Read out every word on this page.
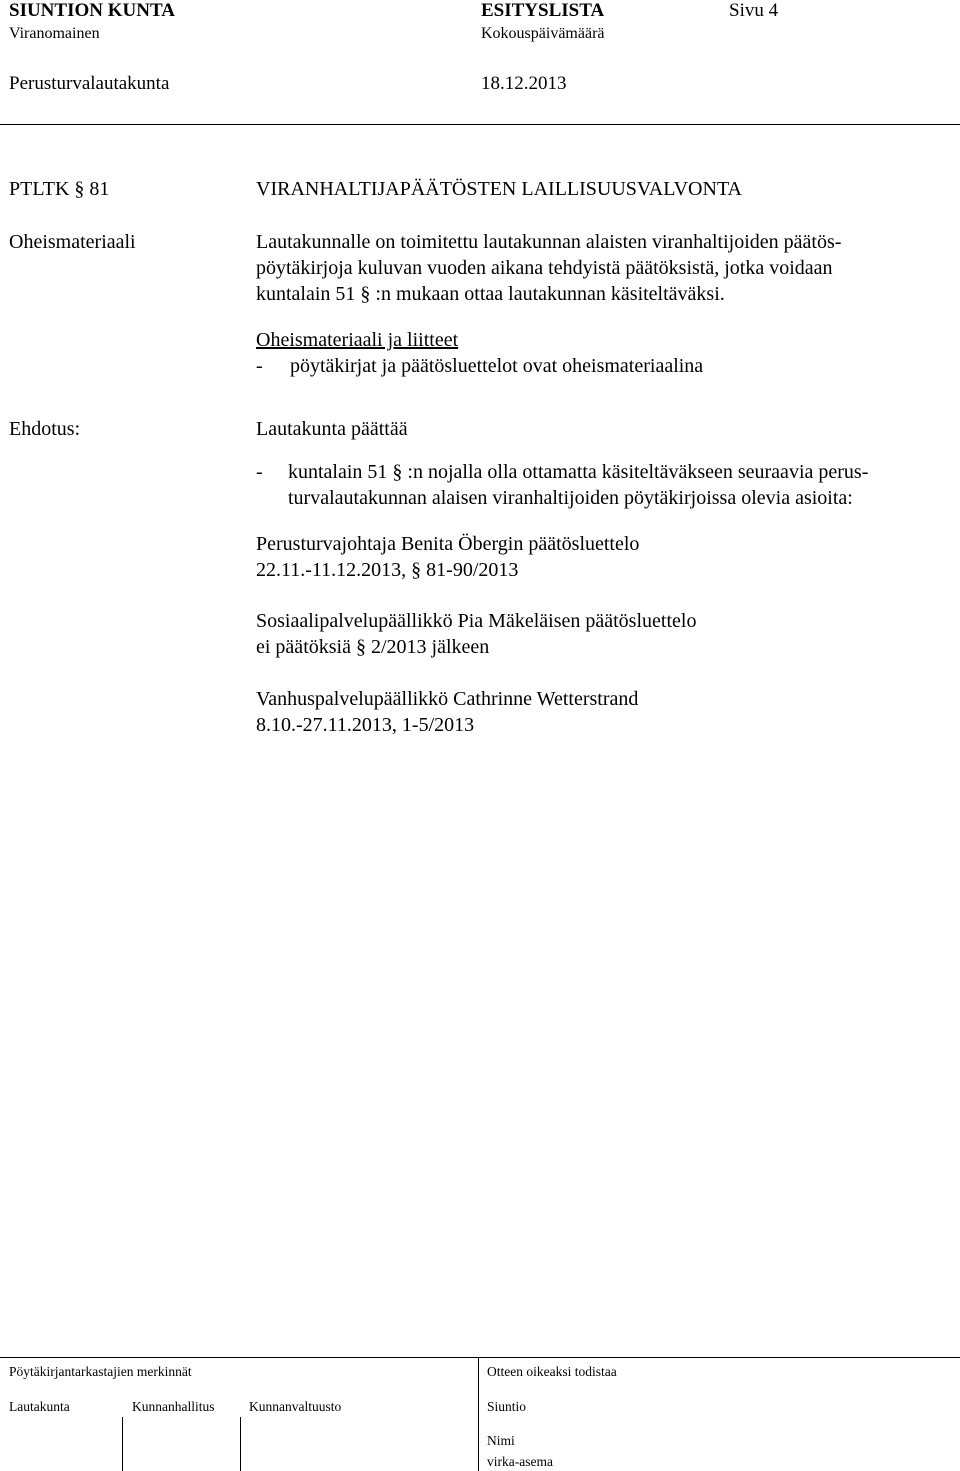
SIUNTION KUNTA	ESITYSLISTA	Sivu 4
Viranomainen	Kokouspäivämäärä
Perusturvalautakunta	18.12.2013
PTLTK § 81	VIRANHALTIJAPÄÄTÖSTEN LAILLISUUSVALVONTA
Oheismateriaali	Lautakunnalle on toimitettu lautakunnan alaisten viranhaltijoiden päätös-
pöytäkirjoja kuluvan vuoden aikana tehdyistä päätöksistä, jotka voidaan
kuntalain 51 § :n mukaan ottaa lautakunnan käsiteltäväksi.
Oheismateriaali ja liitteet
- pöytäkirjat ja päätösluettelot ovat oheismateriaalina
Ehdotus:	Lautakunta päättää
- kuntalain 51 § :n nojalla olla ottamatta käsiteltäväkseen seuraavia perus-
turvalautakunnan alaisen viranhaltijoiden pöytäkirjoissa olevia asioita:
Perusturvajohtaja Benita Öbergin päätösluettelo
22.11.-11.12.2013, § 81-90/2013
Sosiaalipalvelupäällikkö Pia Mäkeläisen päätösluettelo
ei päätöksiä § 2/2013 jälkeen
Vanhuspalvelupäällikkö Cathrinne Wetterstrand
8.10.-27.11.2013, 1-5/2013
Pöytäkirjantarkastajien merkinnät	Otteen oikeaksi todistaa
Lautakunta	Kunnanhallitus	Kunnanvaltuusto	Siuntio
Nimi
virka-asema
